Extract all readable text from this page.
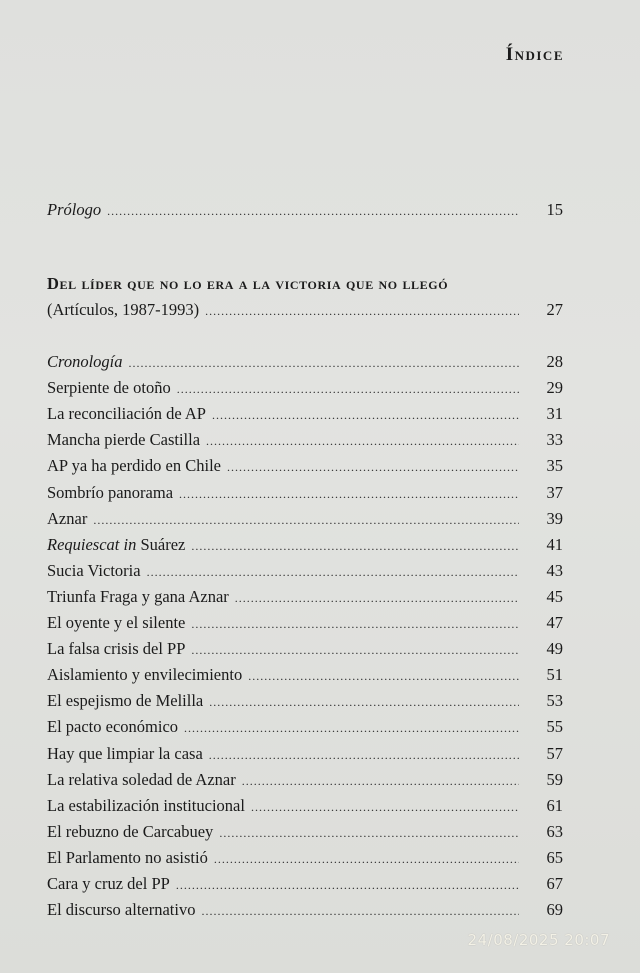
Índice
Prólogo .....	15
Del líder que no lo era a la victoria que no llegó
(Artículos, 1987-1993) .....	27
Cronología .....	28
Serpiente de otoño .....	29
La reconciliación de AP .....	31
Mancha pierde Castilla .....	33
AP ya ha perdido en Chile .....	35
Sombrío panorama .....	37
Aznar .....	39
Requiescat in Suárez .....	41
Sucia Victoria .....	43
Triunfa Fraga y gana Aznar .....	45
El oyente y el silente .....	47
La falsa crisis del PP .....	49
Aislamiento y envilecimiento .....	51
El espejismo de Melilla .....	53
El pacto económico .....	55
Hay que limpiar la casa .....	57
La relativa soledad de Aznar .....	59
La estabilización institucional .....	61
El rebuzno de Carcabuey .....	63
El Parlamento no asistió .....	65
Cara y cruz del PP .....	67
El discurso alternativo .....	69
24/08/2025 20:07
